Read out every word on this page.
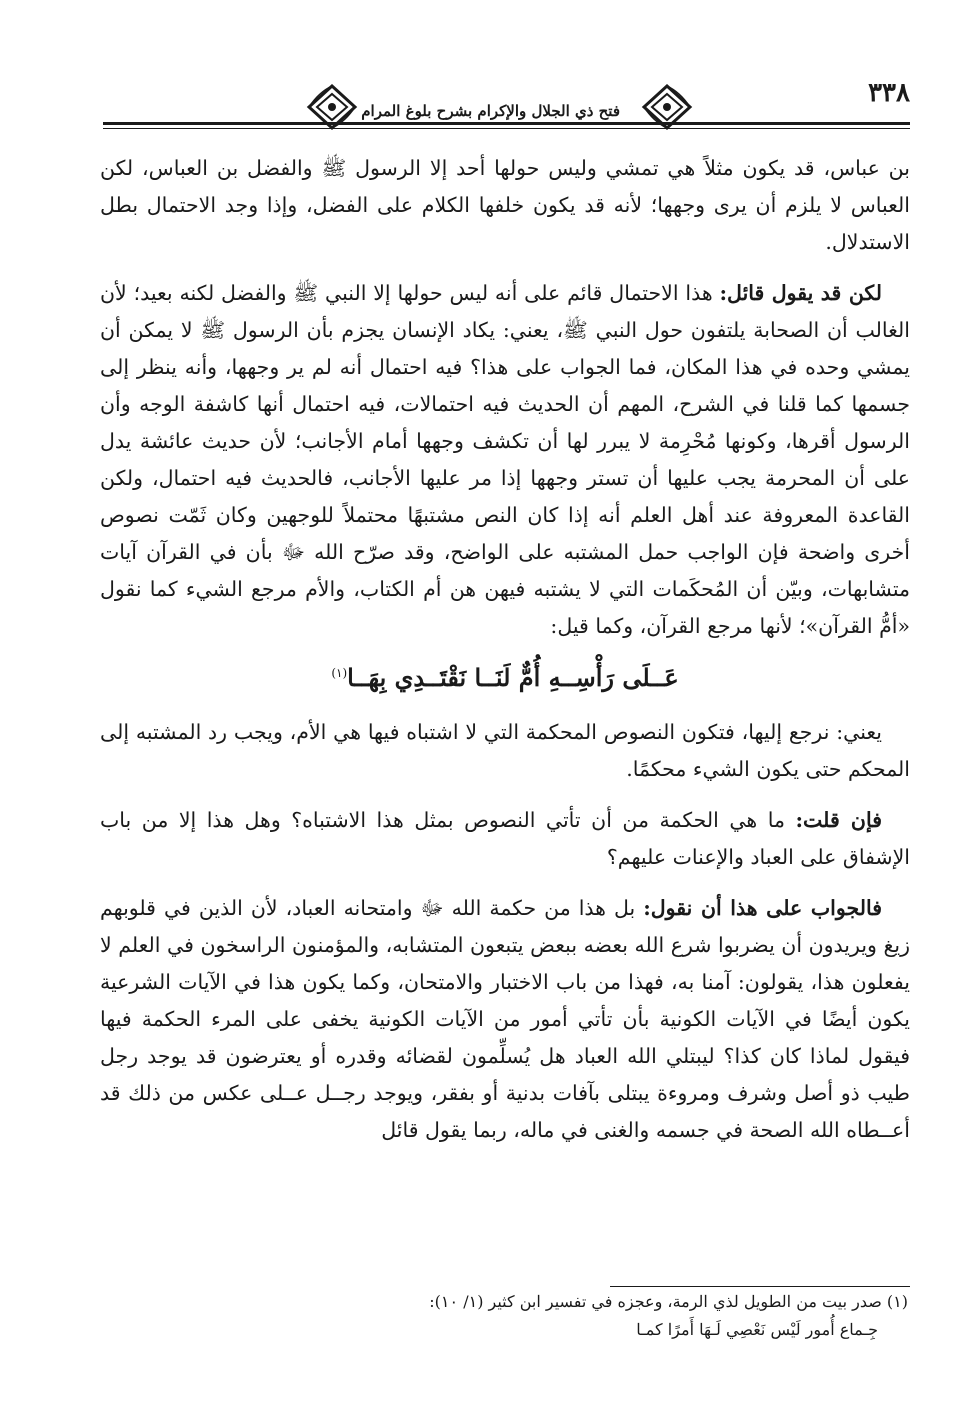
٣٣٨
فتح ذي الجلال والإكرام بشرح بلوغ المرام

بن عباس، قد يكون مثلاً هي تمشي وليس حولها أحد إلا الرسول ﷺ والفضل بن العباس، لكن العباس لا يلزم أن يرى وجهها؛ لأنه قد يكون خلفها الكلام على الفضل، وإذا وجد الاحتمال بطل الاستدلال.

لكن قد يقول قائل: هذا الاحتمال قائم على أنه ليس حولها إلا النبي ﷺ والفضل لكنه بعيد؛ لأن الغالب أن الصحابة يلتفون حول النبي ﷺ، يعني: يكاد الإنسان يجزم بأن الرسول ﷺ لا يمكن أن يمشي وحده في هذا المكان، فما الجواب على هذا؟ فيه احتمال أنه لم ير وجهها، وأنه ينظر إلى جسمها كما قلنا في الشرح، المهم أن الحديث فيه احتمالات، فيه احتمال أنها كاشفة الوجه وأن الرسول أقرها، وكونها مُحْرِمة لا يبرر لها أن تكشف وجهها أمام الأجانب؛ لأن حديث عائشة يدل على أن المحرمة يجب عليها أن تستر وجهها إذا مر عليها الأجانب، فالحديث فيه احتمال، ولكن القاعدة المعروفة عند أهل العلم أنه إذا كان النص مشتبهًا محتملاً للوجهين وكان ثَمّت نصوص أخرى واضحة فإن الواجب حمل المشتبه على الواضح، وقد صرّح الله ﷻ بأن في القرآن آيات متشابهات، وبيّن أن المُحكَمات التي لا يشتبه فيهن هن أم الكتاب، والأم مرجع الشيء كما نقول «أمُّ القرآن»؛ لأنها مرجع القرآن، وكما قيل:

عَــلَى رَأْسِــهِ أُمٌّ لَنَــا نَقْتَــدِي بِهَــا$^{(١)}$

يعني: نرجع إليها، فتكون النصوص المحكمة التي لا اشتباه فيها هي الأم، ويجب رد المشتبه إلى المحكم حتى يكون الشيء محكمًا.

فإن قلت: ما هي الحكمة من أن تأتي النصوص بمثل هذا الاشتباه؟ وهل هذا إلا من باب الإشفاق على العباد والإعنات عليهم؟

فالجواب على هذا أن نقول: بل هذا من حكمة الله ﷻ وامتحانه العباد، لأن الذين في قلوبهم زيغ ويريدون أن يضربوا شرع الله بعضه ببعض يتبعون المتشابه، والمؤمنون الراسخون في العلم لا يفعلون هذا، يقولون: آمنا به، فهذا من باب الاختبار والامتحان، وكما يكون هذا في الآيات الشرعية يكون أيضًا في الآيات الكونية بأن تأتي أمور من الآيات الكونية يخفى على المرء الحكمة فيها فيقول لماذا كان كذا؟ ليبتلي الله العباد هل يُسلِّمون لقضائه وقدره أو يعترضون قد يوجد رجل طيب ذو أصل وشرف ومروءة يبتلى بآفات بدنية أو بفقر، ويوجد رجــل عــلى عكس من ذلك قد أعــطاه الله الصحة في جسمه والغنى في ماله، ربما يقول قائل

(١) صدر بيت من الطويل لذي الرمة، وعجزه في تفسير ابن كثير (١/ ١٠):
جِـماع أُمور لَيْس نَعْصِي لَـهَا أَمرًا كمـا
